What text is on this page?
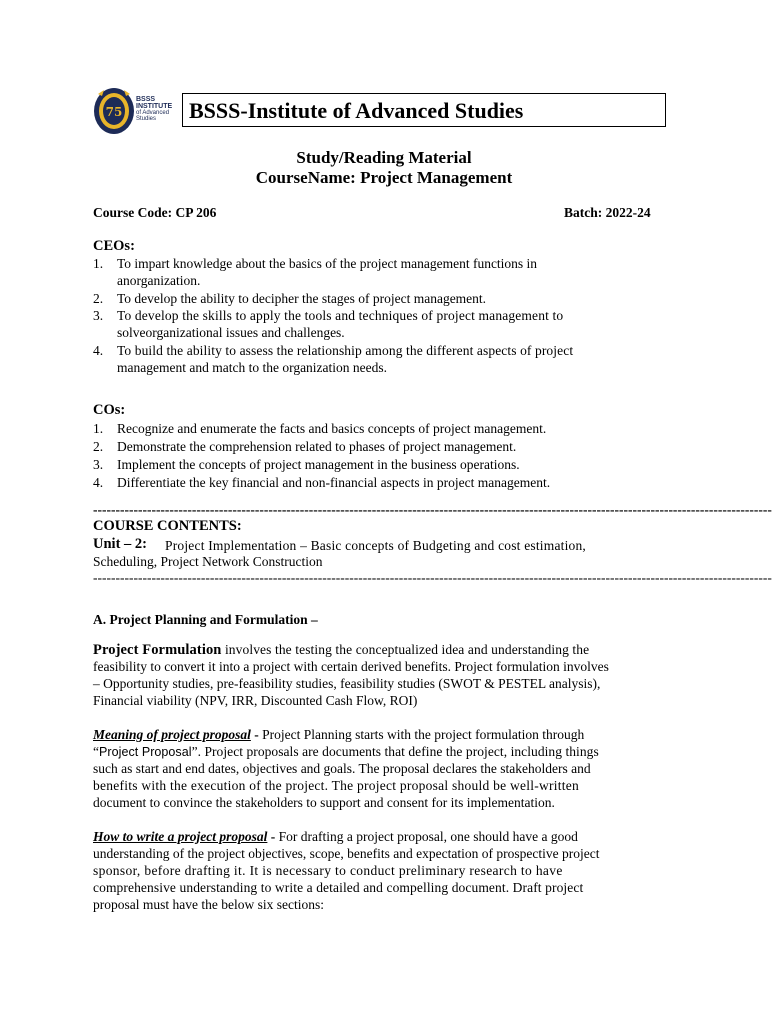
75
BSSS
INSTITUTE
of Advanced
Studies	BSSS-Institute of Advanced Studies
Study/Reading Material
CourseName: Project Management
Course Code: CP 206	Batch: 2022-24
CEOs:
1. To impart knowledge about the basics of the project management functions in
anorganization.
2. To develop the ability to decipher the stages of project management.
3. To develop the skills to apply the tools and techniques of project management to
solveorganizational issues and challenges.
4. To build the ability to assess the relationship among the different aspects of project
management and match to the organization needs.
COs:
1. Recognize and enumerate the facts and basics concepts of project management.
2. Demonstrate the comprehension related to phases of project management.
3. Implement the concepts of project management in the business operations.
4. Differentiate the key financial and non-financial aspects in project management.
-------------------------------------------------------------------------------------------------------------------------------------------------------
COURSE CONTENTS:
Unit – 2: Project Implementation – Basic concepts of Budgeting and cost estimation,
Scheduling, Project Network Construction
-------------------------------------------------------------------------------------------------------------------------------------------------------
A. Project Planning and Formulation –
Project Formulation involves the testing the conceptualized idea and understanding the
feasibility to convert it into a project with certain derived benefits. Project formulation involves
– Opportunity studies, pre-feasibility studies, feasibility studies (SWOT & PESTEL analysis),
Financial viability (NPV, IRR, Discounted Cash Flow, ROI)
Meaning of project proposal - Project Planning starts with the project formulation through
“Project Proposal”. Project proposals are documents that define the project, including things
such as start and end dates, objectives and goals. The proposal declares the stakeholders and
benefits with the execution of the project. The project proposal should be well-written
document to convince the stakeholders to support and consent for its implementation.
How to write a project proposal - For drafting a project proposal, one should have a good
understanding of the project objectives, scope, benefits and expectation of prospective project
sponsor, before drafting it. It is necessary to conduct preliminary research to have
comprehensive understanding to write a detailed and compelling document. Draft project
proposal must have the below six sections:
